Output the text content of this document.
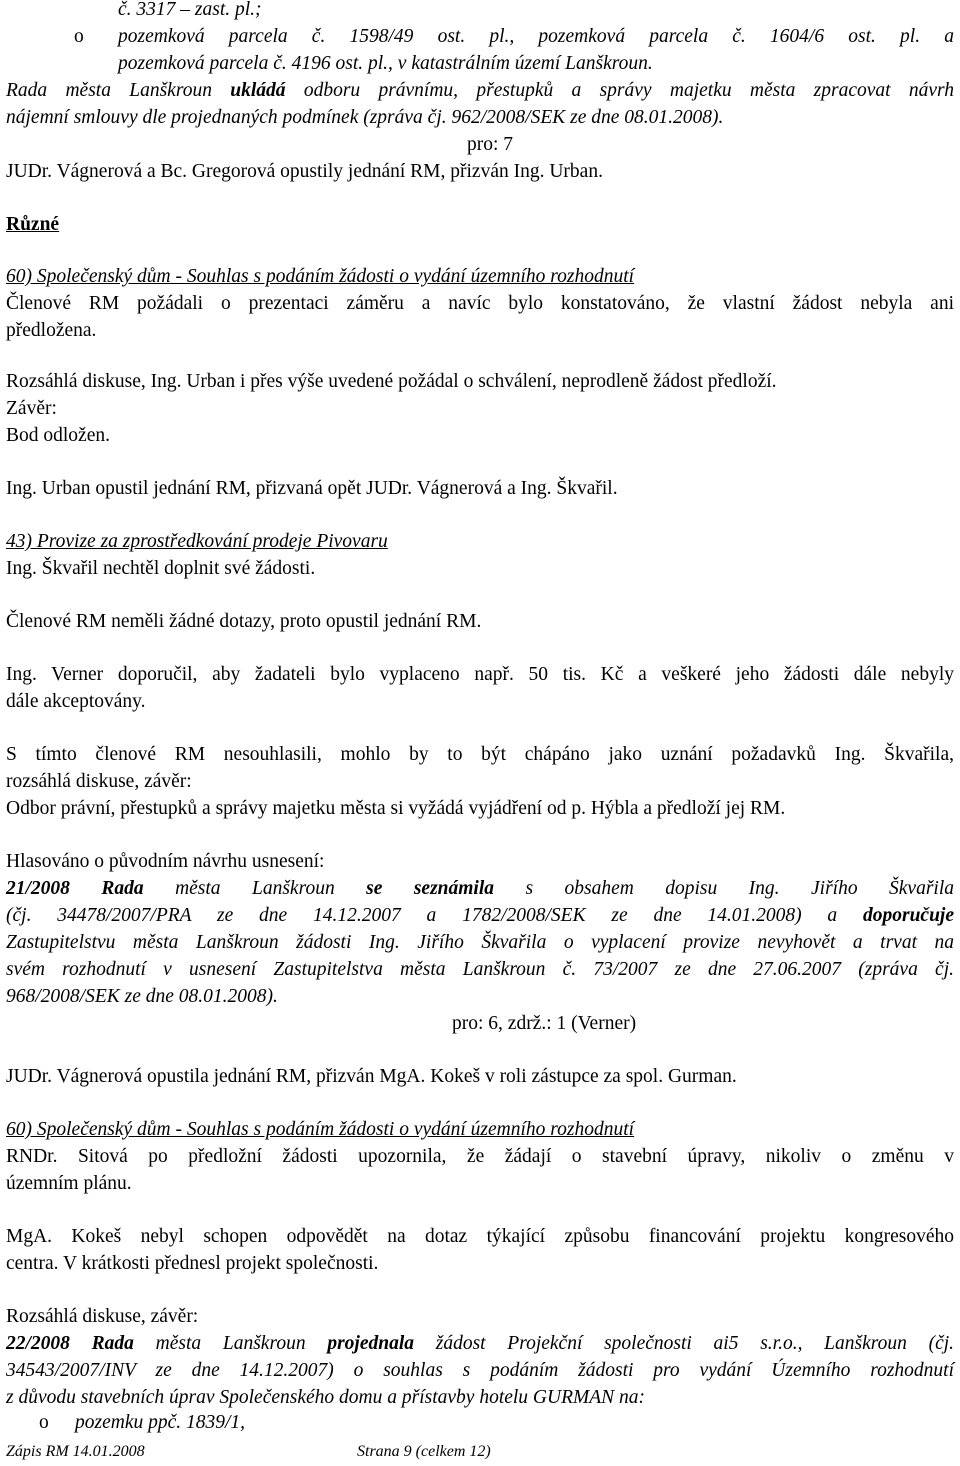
č. 3317 – zast. pl.;
o pozemková parcela č. 1598/49 ost. pl., pozemková parcela č. 1604/6 ost. pl. a
pozemková parcela č. 4196 ost. pl., v katastrálním území Lanškroun.
Rada města Lanškroun ukládá odboru právnímu, přestupků a správy majetku města zpracovat návrh
nájemní smlouvy dle projednaných podmínek (zpráva čj. 962/2008/SEK ze dne 08.01.2008).
pro: 7
JUDr. Vágnerová a Bc. Gregorová opustily jednání RM, přizván Ing. Urban.
Různé
60) Společenský dům - Souhlas s podáním žádosti o vydání územního rozhodnutí
Členové RM požádali o prezentaci záměru a navíc bylo konstatováno, že vlastní žádost nebyla ani
předložena.
Rozsáhlá diskuse, Ing. Urban i přes výše uvedené požádal o schválení, neprodleně žádost předloží.
Závěr:
Bod odložen.
Ing. Urban opustil jednání RM, přizvaná opět JUDr. Vágnerová a Ing. Škvařil.
43) Provize za zprostředkování prodeje Pivovaru
Ing. Škvařil nechtěl doplnit své žádosti.
Členové RM neměli žádné dotazy, proto opustil jednání RM.
Ing. Verner doporučil, aby žadateli bylo vyplaceno např. 50 tis. Kč a veškeré jeho žádosti dále nebyly
dále akceptovány.
S tímto členové RM nesouhlasili, mohlo by to být chápáno jako uznání požadavků Ing. Škvařila,
rozsáhlá diskuse, závěr:
Odbor právní, přestupků a správy majetku města si vyžádá vyjádření od p. Hýbla a předloží jej RM.
Hlasováno o původním návrhu usnesení:
21/2008 Rada města Lanškroun se seznámila s obsahem dopisu Ing. Jiřího Škvařila
(čj. 34478/2007/PRA ze dne 14.12.2007 a 1782/2008/SEK ze dne 14.01.2008) a doporučuje
Zastupitelstvu města Lanškroun žádosti Ing. Jiřího Škvařila o vyplacení provize nevyhovět a trvat na
svém rozhodnutí v usnesení Zastupitelstva města Lanškroun č. 73/2007 ze dne 27.06.2007 (zpráva čj.
968/2008/SEK ze dne 08.01.2008).
pro: 6, zdrž.: 1 (Verner)
JUDr. Vágnerová opustila jednání RM, přizván MgA. Kokeš v roli zástupce za spol. Gurman.
60) Společenský dům - Souhlas s podáním žádosti o vydání územního rozhodnutí
RNDr. Sitová po předložní žádosti upozornila, že žádají o stavební úpravy, nikoliv o změnu v
územním plánu.
MgA. Kokeš nebyl schopen odpovědět na dotaz týkající způsobu financování projektu kongresového
centra. V krátkosti přednesl projekt společnosti.
Rozsáhlá diskuse, závěr:
22/2008 Rada města Lanškroun projednala žádost Projekční společnosti ai5 s.r.o., Lanškroun (čj.
34543/2007/INV ze dne 14.12.2007) o souhlas s podáním žádosti pro vydání Územního rozhodnutí
z důvodu stavebních úprav Společenského domu a přístavby hotelu GURMAN na:
o pozemku ppč. 1839/1,
Zápis RM 14.01.2008	Strana 9 (celkem 12)
